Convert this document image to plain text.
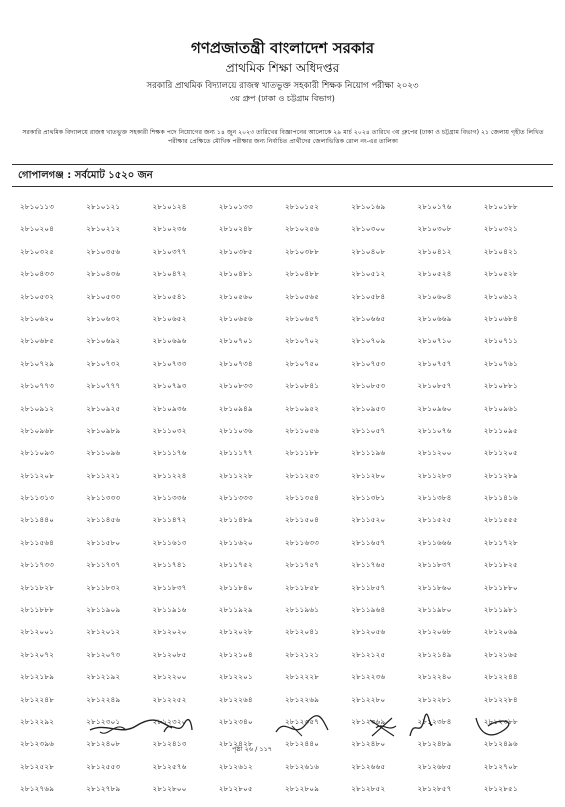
গণপ্রজাতন্ত্রী বাংলাদেশ সরকার

প্রাথমিক শিক্ষা অধিদপ্তর

সরকারি প্রাথমিক বিদ্যালয়ে রাজস্ব খাতভুক্ত সহকারী শিক্ষক নিয়োগ পরীক্ষা ২০২৩

৩য় গ্রুপ (ঢাকা ও চট্টগ্রাম বিভাগ)

সরকারি প্রাথমিক বিদ্যালয়ে রাজস্ব খাতভুক্ত সহকারী শিক্ষক পদে নিয়োগের জন্য ১৪ জুন ২০২৩ তারিখের বিজ্ঞাপনের আলোকে ২৯ মার্চ ২০২৪ তারিখে ৩য় গ্রুপের (ঢাকা ও চট্টগ্রাম বিভাগ) ২১ জেলায় গৃহীত লিখিত পরীক্ষার প্রেক্ষিতে মৌখিক পরীক্ষার জন্য নির্বাচিত প্রার্থীদের জেলাভিত্তিক রোল নং-এর তালিকা
গোপালগঞ্জ : সর্বমোট ১৫২০ জন
২৮১০১১৩	২৮১০১২১	২৮১০১২৪	২৮১০১৩৩	২৮১০১৫২	২৮১০১৬৯	২৮১০১৭৬	২৮১০১৮৮
২৮১০২০৪	২৮১০২১২	২৮১০২৩৬	২৮১০২৪৮	২৮১০২৫৬	২৮১০৩০০	২৮১০৩০৮	২৮১০৩২১
২৮১০৩২৫	২৮১০৩৫৬	২৮১০৩৭৭	২৮১০৩৮৫	২৮১০৩৮৮	২৮১০৪০৮	২৮১০৪১২	২৮১০৪২১
২৮১০৪৩৩	২৮১০৪৩৬	২৮১০৪৭২	২৮১০৪৮১	২৮১০৪৮৮	২৮১০৫১২	২৮১০৫২৪	২৮১০৫২৮
২৮১০৫৩২	২৮১০৫৩৩	২৮১০৫৪১	২৮১০৫৬০	২৮১০৫৬৫	২৮১০৫৮৪	২৮১০৬০৪	২৮১০৬১২
২৮১০৬২০	২৮১০৬৩২	২৮১০৬৫২	২৮১০৬৫৬	২৮১০৬৫৭	২৮১০৬৬৫	২৮১০৬৬৯	২৮১০৬৮৪
২৮১০৬৮৫	২৮১০৬৯২	২৮১০৬৯৬	২৮১০৭০১	২৮১০৭০২	২৮১০৭০৯	২৮১০৭১০	২৮১০৭১১
২৮১০৭২৯	২৮১০৭৩২	২৮১০৭৩৩	২৮১০৭৩৪	২৮১০৭৫০	২৮১০৭৫৩	২৮১০৭৫৭	২৮১০৭৬১
২৮১০৭৭৩	২৮১০৭৭৭	২৮১০৭৯৩	২৮১০৮৩৩	২৮১০৮৪১	২৮১০৮৫৩	২৮১০৮৫৭	২৮১০৮৮১
২৮১০৯১২	২৮১০৯২৫	২৮১০৯৩৬	২৮১০৯৪৯	২৮১০৯৫২	২৮১০৯৫৩	২৮১০৯৬০	২৮১০৯৬১
২৮১০৯৬৮	২৮১০৯৮৯	২৮১১০৩২	২৮১১০৩৬	২৮১১০৫৬	২৮১১০৫৭	২৮১১০৭৬	২৮১১০৯৫
২৮১১০৯৩	২৮১১০৯৬	২৮১১১৭৬	২৮১১১৭৭	২৮১১১৮৮	২৮১১১৯৬	২৮১১২০০	২৮১১২০৫
২৮১১২০৮	২৮১১২২১	২৮১১২২৪	২৮১১২২৮	২৮১১২৫৩	২৮১১২৮০	২৮১১২৮৩	২৮১১২৮৯
২৮১১৩১৩	২৮১১৩৩৩	২৮১১৩৩৬	২৮১১৩৩৩	২৮১১৩৫৪	২৮১১৩৮১	২৮১১৩৮৪	২৮১১৪১৬
২৮১১৪৪০	২৮১১৪৫৬	২৮১১৪৭২	২৮১১৪৮৯	২৮১১৫০৪	২৮১১৫২০	২৮১১৫২৫	২৮১১৫৫৫
২৮১১৫৬৪	২৮১১৫৮০	২৮১১৬১৩	২৮১১৬২০	২৮১১৬৩৩	২৮১১৬৫৭	২৮১১৬৬৬	২৮১১৭২৮
২৮১১৭৩৩	২৮১১৭৩৭	২৮১১৭৪১	২৮১১৭৫২	২৮১১৭৫৭	২৮১১৭৬৫	২৮১১৮৩৭	২৮১১৮২৫
২৮১১৮২৮	২৮১১৮৩২	২৮১১৮৩৭	২৮১১৮৪০	২৮১১৮৫৮	২৮১১৮৫৭	২৮১১৮৬০	২৮১১৮৮০
২৮১১৮৮৮	২৮১১৯০৯	২৮১১৯১৬	২৮১১৯২৯	২৮১১৯৬১	২৮১১৯৬৪	২৮১১৯৮০	২৮১১৯৮১
২৮১২০০১	২৮১২০১২	২৮১২০২০	২৮১২০২৮	২৮১২০৪১	২৮১২০৫৬	২৮১২০৬৮	২৮১২০৬৯
২৮১২০৭২	২৮১২০৭৩	২৮১২০৮৫	২৮১২১০৪	২৮১২১২১	২৮১২১২৫	২৮১২১৪৯	২৮১২১৬৫
২৮১২১৮৯	২৮১২১৯২	২৮১২২০০	২৮১২২০১	২৮১২২২৮	২৮১২২৩৬	২৮১২২৪০	২৮১২২৪৪
২৮১২২৪৮	২৮১২২৪৯	২৮১২২৫২	২৮১২২৬৪	২৮১২২৬৯	২৮১২২৮০	২৮১২২৮১	২৮১২২৮৪
২৮১২২৯২	২৮১২৩০১	২৮১২৩২০	২৮১২৩৪০	২৮১২৩৫৭	২৮১২৩৬৯	২৮১২৩৮৪	২৮১২৩৮৮
২৮১২৩৯৬	২৮১২৪০৮	২৮১২৪১৩	২৮১২৪২৮	২৮১২৪৪০	২৮১২৪৮০	২৮১২৪৮৯	২৮১২৪৯৬
২৮১২৫২৮	২৮১২৫৫৩	২৮১২৫৭৬	২৮১২৬১২	২৮১২৬১৬	২৮১২৬৬৫	২৮১২৬৮৫	২৮১২৭০৮
২৮১২৭৬৯	২৮১২৭৮৯	২৮১২৮০০	২৮১২৮০৫	২৮১২৮০৯	২৮১২৮৫২	২৮১২৮৫৭	২৮১২৮৫১
পৃষ্ঠা ২৬ / ১১৭
